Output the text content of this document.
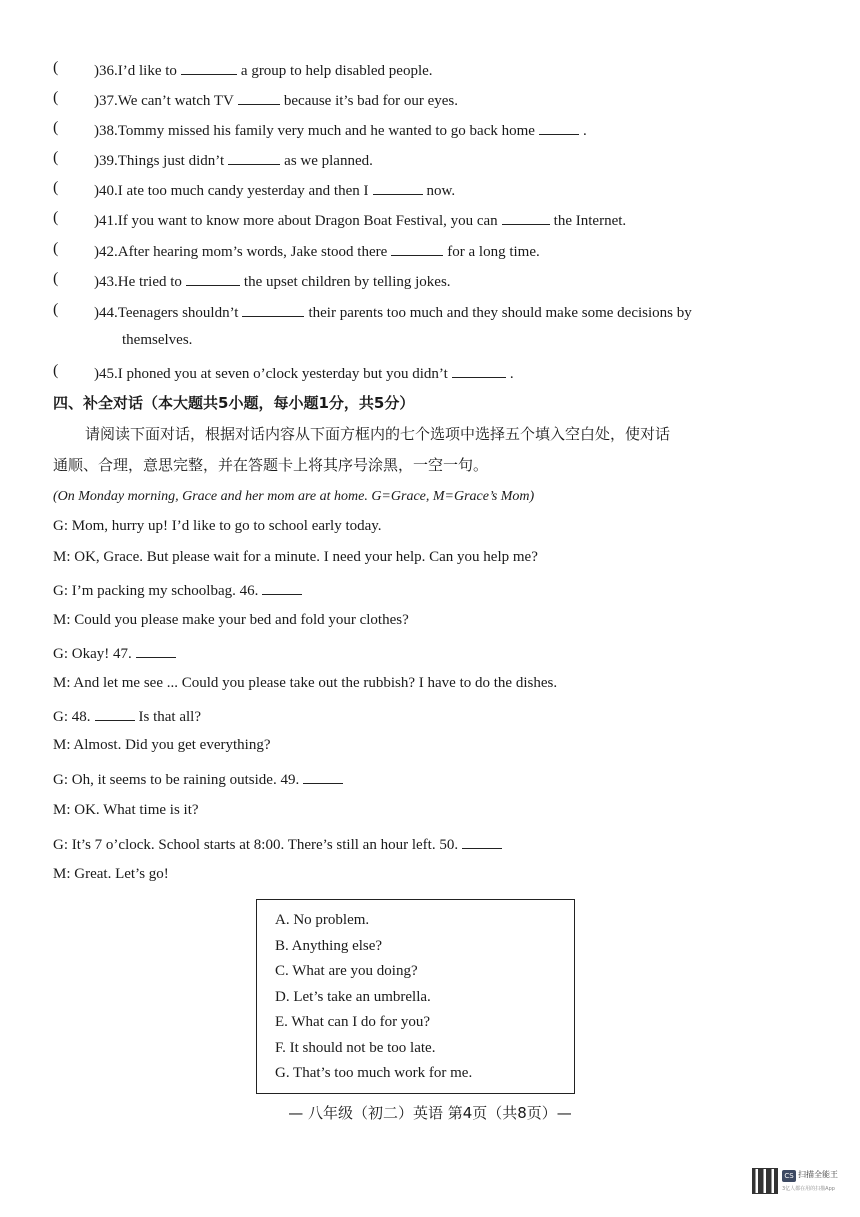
( )36.I’d like to	a group to help disabled people.
( )37.We can’t watch TV	because it’s bad for our eyes.
( )38.Tommy missed his family very much and he wanted to go back home	.
( )39.Things just didn’t	as we planned.
( )40.I ate too much candy yesterday and then I	now.
( )41.If you want to know more about Dragon Boat Festival, you can	the Internet.
( )42.After hearing mom’s words, Jake stood there	for a long time.
( )43.He tried to	the upset children by telling jokes.
( )44.Teenagers shouldn’t	their parents too much and they should make some decisions by
( )45.I phoned you at seven o’clock yesterday but you didn’t	.
themselves.
四、补全对话（本大题共5小题，每小题1分，共5分）
请阅读下面对话，根据对话内容从下面方框内的七个选项中选择五个填入空白处，使对话
通顺、合理，意思完整，并在答题卡上将其序号涂黑，一空一句。
(On Monday morning, Grace and her mom are at home. G=Grace, M=Grace’s Mom)
G: Mom, hurry up! I’d like to go to school early today.
M: OK, Grace. But please wait for a minute. I need your help. Can you help me?
G: I’m packing my schoolbag. 46.
M: Could you please make your bed and fold your clothes?
G: Okay! 47.
M: And let me see ... Could you please take out the rubbish? I have to do the dishes.
G: 48.	Is that all?
M: Almost. Did you get everything?
G: Oh, it seems to be raining outside. 49.
M: OK. What time is it?
G: It’s 7 o’clock. School starts at 8:00. There’s still an hour left. 50.
M: Great. Let’s go!
A. No problem.
B. Anything else?
C. What are you doing?
D. Let’s take an umbrella.
E. What can I do for you?
F. It should not be too late.
G. That’s too much work for me.
— 八年级（初二）英语 第4页（共8页）—
CS 扫描全能王
3亿人都在用的扫描App
